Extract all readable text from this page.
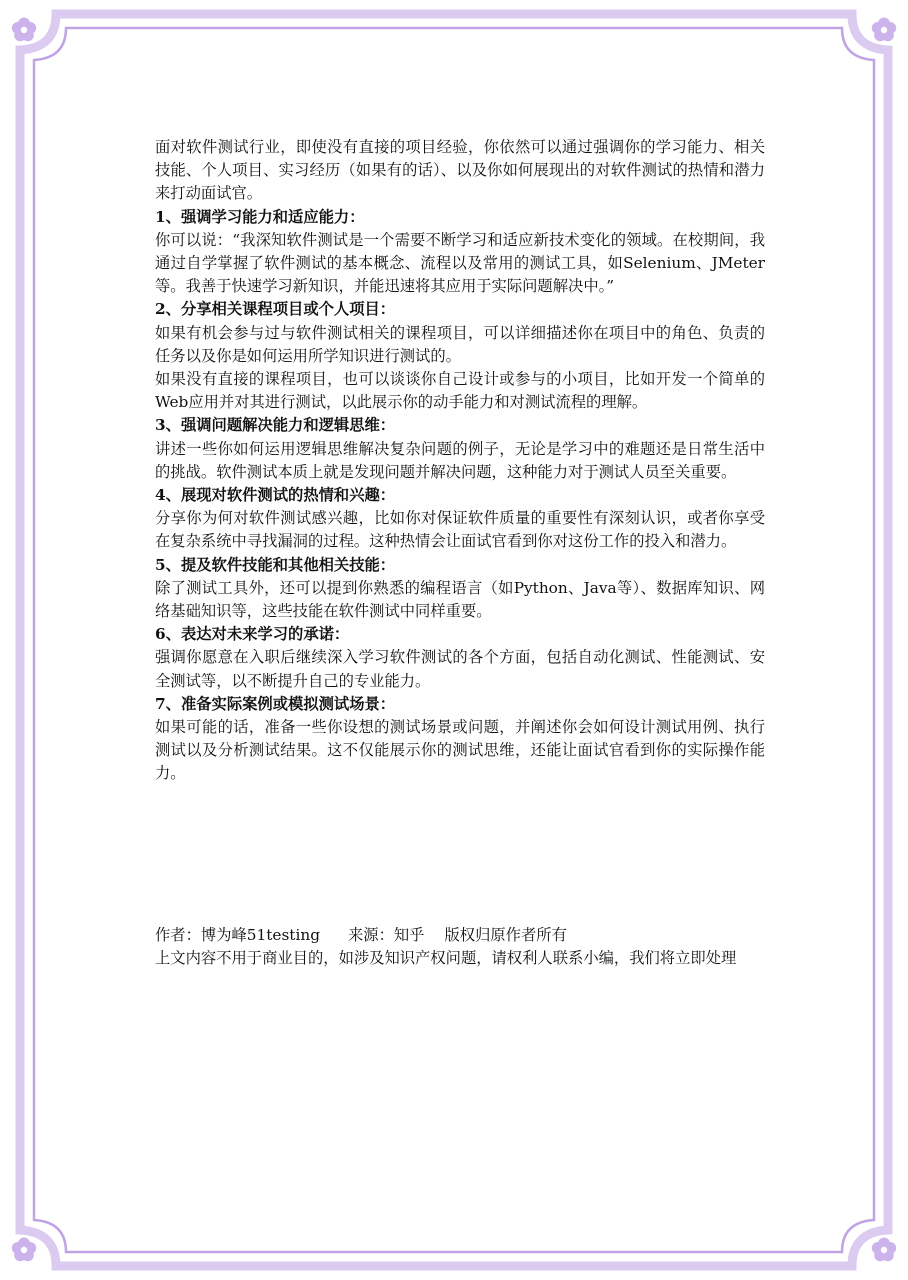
面对软件测试行业，即使没有直接的项目经验，你依然可以通过强调你的学习能力、相关技能、个人项目、实习经历（如果有的话）、以及你如何展现出的对软件测试的热情和潜力来打动面试官。

1、强调学习能力和适应能力：

你可以说：“我深知软件测试是一个需要不断学习和适应新技术变化的领域。在校期间，我通过自学掌握了软件测试的基本概念、流程以及常用的测试工具，如Selenium、JMeter等。我善于快速学习新知识，并能迅速将其应用于实际问题解决中。”

2、分享相关课程项目或个人项目：

如果有机会参与过与软件测试相关的课程项目，可以详细描述你在项目中的角色、负责的任务以及你是如何运用所学知识进行测试的。

如果没有直接的课程项目，也可以谈谈你自己设计或参与的小项目，比如开发一个简单的Web应用并对其进行测试，以此展示你的动手能力和对测试流程的理解。

3、强调问题解决能力和逻辑思维：

讲述一些你如何运用逻辑思维解决复杂问题的例子，无论是学习中的难题还是日常生活中的挑战。软件测试本质上就是发现问题并解决问题，这种能力对于测试人员至关重要。

4、展现对软件测试的热情和兴趣：

分享你为何对软件测试感兴趣，比如你对保证软件质量的重要性有深刻认识，或者你享受在复杂系统中寻找漏洞的过程。这种热情会让面试官看到你对这份工作的投入和潜力。

5、提及软件技能和其他相关技能：

除了测试工具外，还可以提到你熟悉的编程语言（如Python、Java等）、数据库知识、网络基础知识等，这些技能在软件测试中同样重要。

6、表达对未来学习的承诺：

强调你愿意在入职后继续深入学习软件测试的各个方面，包括自动化测试、性能测试、安全测试等，以不断提升自己的专业能力。

7、准备实际案例或模拟测试场景：

如果可能的话，准备一些你设想的测试场景或问题，并阐述你会如何设计测试用例、执行测试以及分析测试结果。这不仅能展示你的测试思维，还能让面试官看到你的实际操作能力。

作者：博为峰51testing 来源：知乎 版权归原作者所有

上文内容不用于商业目的，如涉及知识产权问题，请权利人联系小编，我们将立即处理
